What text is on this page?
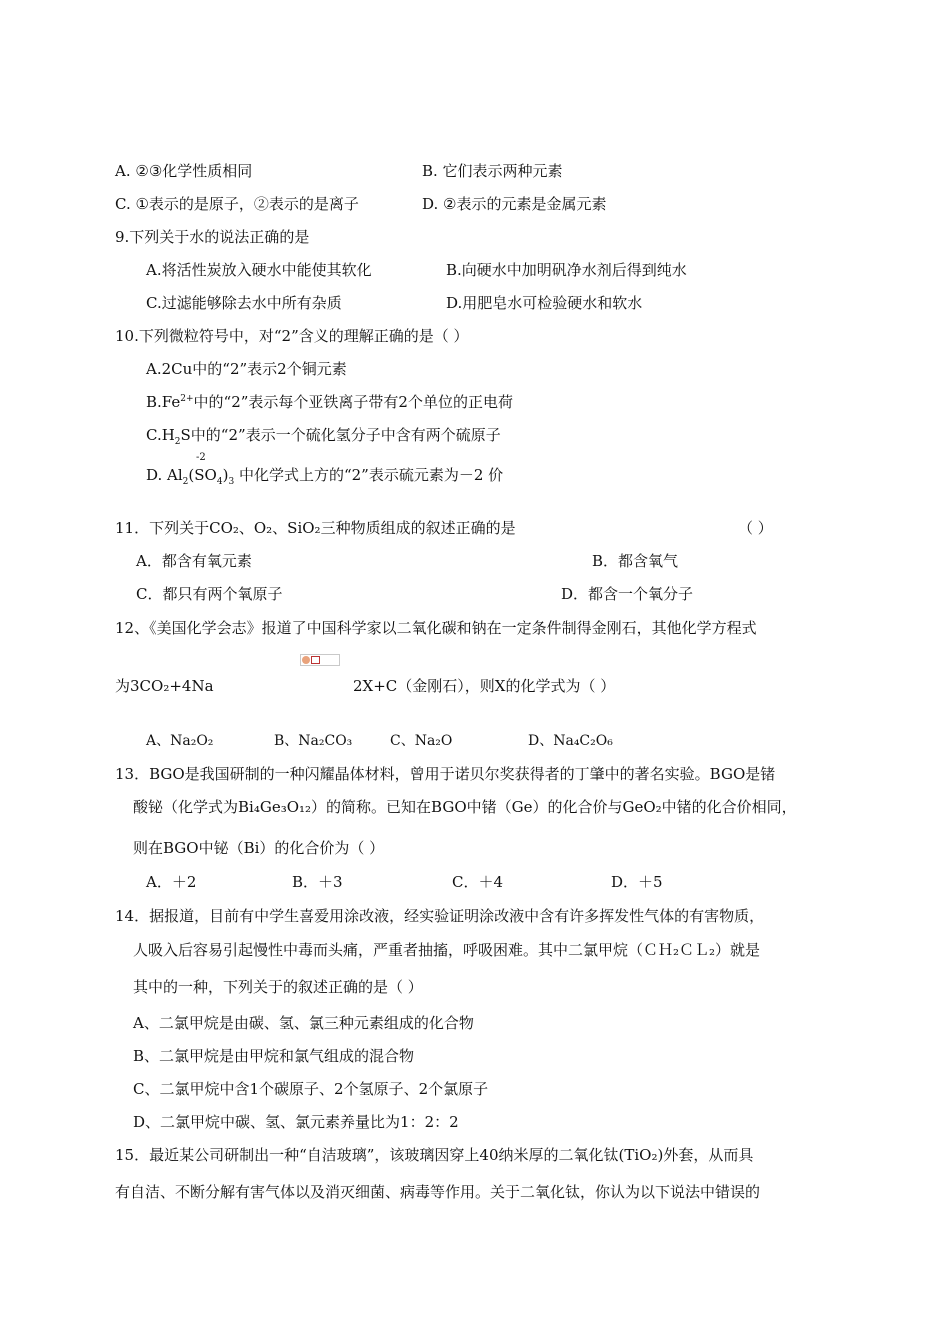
A. ②③化学性质相同	B. 它们表示两种元素
C. ①表示的是原子，②表示的是离子	D. ②表示的元素是金属元素
9.下列关于水的说法正确的是
A.将活性炭放入硬水中能使其软化	B.向硬水中加明矾净水剂后得到纯水
C.过滤能够除去水中所有杂质	D.用肥皂水可检验硬水和软水
10.下列微粒符号中，对“2”含义的理解正确的是（ ）
A.2Cu中的“2”表示2个铜元素
$B.Fe^{2+}$中的“2”表示每个亚铁离子带有2个单位的正电荷
$C.H_2S$中的“2”表示一个硫化氢分子中含有两个硫原子
-2
D. $Al_2(SO_4)_3$ 中化学式上方的“2”表示硫元素为－2 价
11．下列关于CO₂、O₂、SiO₂三种物质组成的叙述正确的是	（ ）
A．都含有氧元素	B．都含氧气
C．都只有两个氧原子	D．都含一个氧分子
12、《美国化学会志》报道了中国科学家以二氧化碳和钠在一定条件制得金刚石，其他化学方程式
为3CO₂+4Na	2X+C（金刚石），则X的化学式为（ ）
A、Na₂O₂	B、Na₂CO₃	C、Na₂O	D、Na₄C₂O₆
13．BGO是我国研制的一种闪耀晶体材料，曾用于诺贝尔奖获得者的丁肇中的著名实验。BGO是锗
酸铋（化学式为Bi₄Ge₃O₁₂）的简称。已知在BGO中锗（Ge）的化合价与GeO₂中锗的化合价相同，
则在BGO中铋（Bi）的化合价为（ ）
A．＋2	B．＋3	C．＋4	D．＋5
14．据报道，目前有中学生喜爱用涂改液，经实验证明涂改液中含有许多挥发性气体的有害物质，
人吸入后容易引起慢性中毒而头痛，严重者抽搐，呼吸困难。其中二氯甲烷（ＣＨ₂ＣＬ₂）就是
其中的一种，下列关于的叙述正确的是（ ）
A、二氯甲烷是由碳、氢、氯三种元素组成的化合物
B、二氯甲烷是由甲烷和氯气组成的混合物
C、二氯甲烷中含1个碳原子、2个氢原子、2个氯原子
D、二氯甲烷中碳、氢、氯元素养量比为1：2：2
15．最近某公司研制出一种“自洁玻璃”，该玻璃因穿上40纳米厚的二氧化钛(TiO₂)外套，从而具
有自洁、不断分解有害气体以及消灭细菌、病毒等作用。关于二氧化钛，你认为以下说法中错误的
